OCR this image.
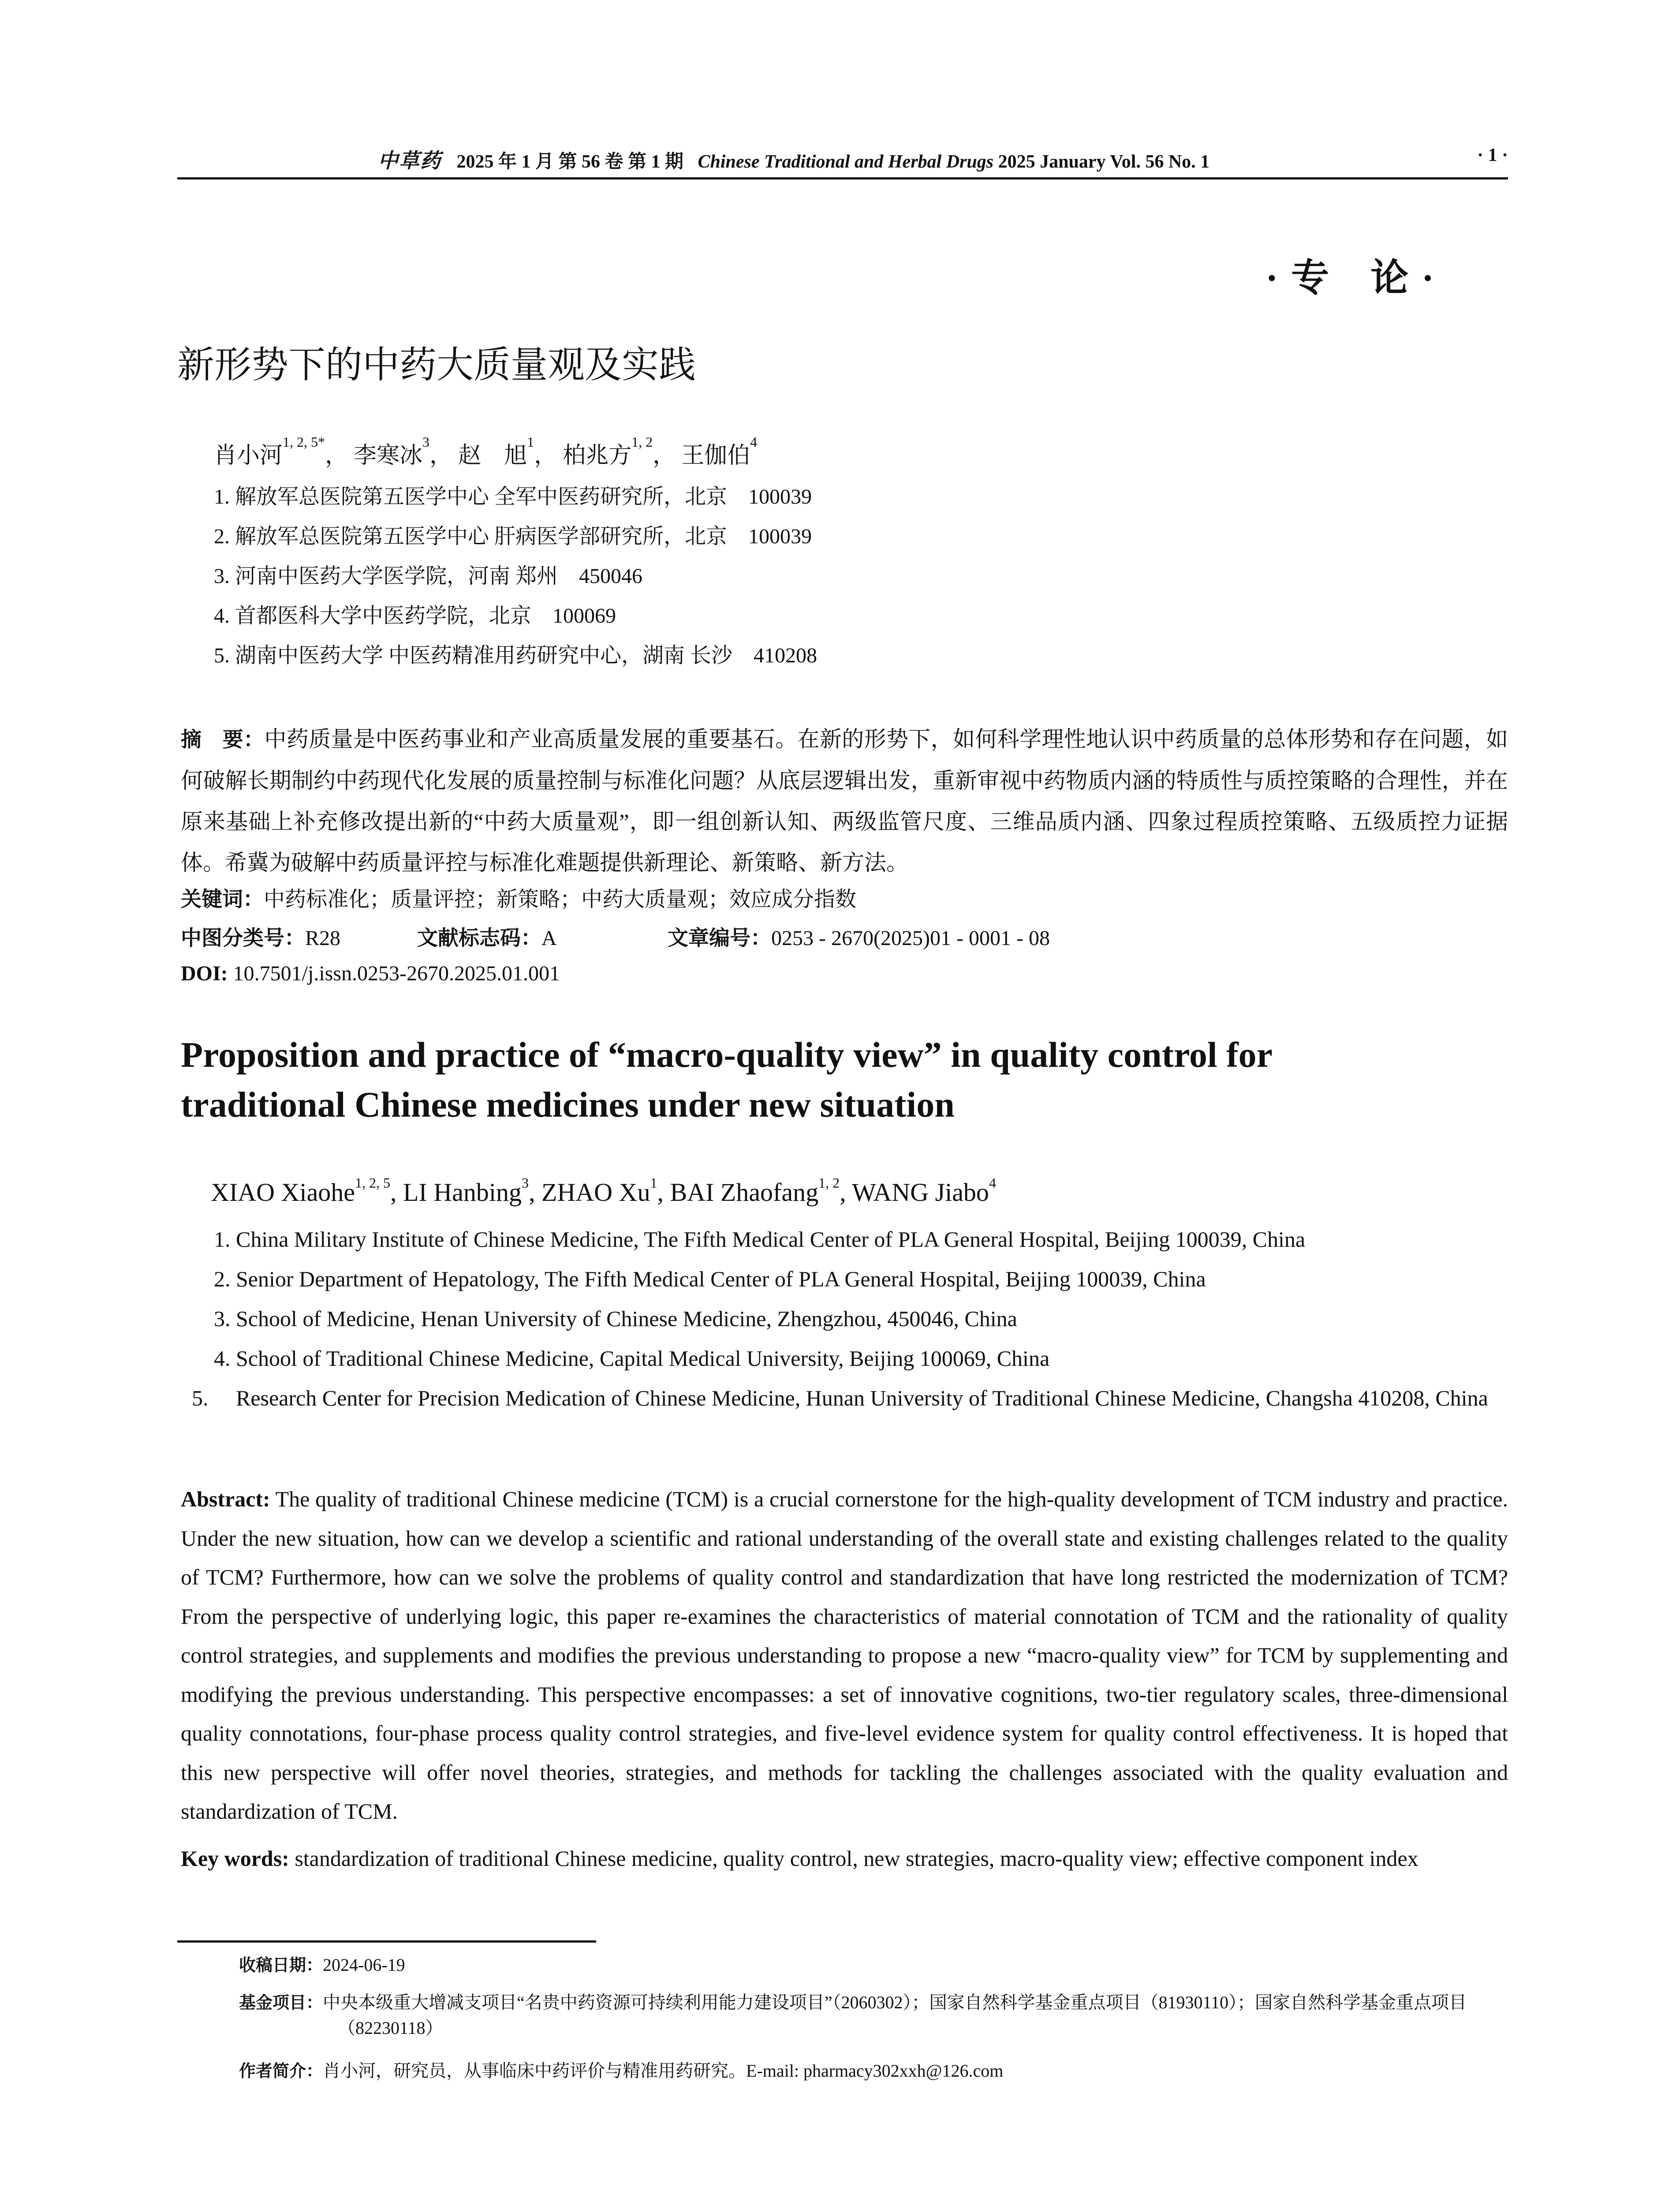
中草药 2025 年 1 月 第 56 卷 第 1 期 Chinese Traditional and Herbal Drugs 2025 January Vol. 56 No. 1	· 1 ·
· 专　论 ·
新形势下的中药大质量观及实践
肖小河$^{1, 2, 5*}$， 李寒冰$^3$， 赵　旭$^1$， 柏兆方$^{1, 2}$， 王伽伯$^4$
1. 解放军总医院第五医学中心 全军中医药研究所，北京　100039
2. 解放军总医院第五医学中心 肝病医学部研究所，北京　100039
3. 河南中医药大学医学院，河南 郑州　450046
4. 首都医科大学中医药学院，北京　100069
5. 湖南中医药大学 中医药精准用药研究中心，湖南 长沙　410208
摘　要：中药质量是中医药事业和产业高质量发展的重要基石。在新的形势下，如何科学理性地认识中药质量的总体形势和存在问题，如何破解长期制约中药现代化发展的质量控制与标准化问题？从底层逻辑出发，重新审视中药物质内涵的特质性与质控策略的合理性，并在原来基础上补充修改提出新的“中药大质量观”，即一组创新认知、两级监管尺度、三维品质内涵、四象过程质控策略、五级质控力证据体。希冀为破解中药质量评控与标准化难题提供新理论、新策略、新方法。
关键词：中药标准化；质量评控；新策略；中药大质量观；效应成分指数
中图分类号：R28	文献标志码：A	文章编号：0253 - 2670(2025)01 - 0001 - 08
DOI: 10.7501/j.issn.0253-2670.2025.01.001
Proposition and practice of “macro-quality view” in quality control for
traditional Chinese medicines under new situation
XIAO Xiaohe$^{1, 2, 5}$, LI Hanbing$^3$, ZHAO Xu$^1$, BAI Zhaofang$^{1, 2}$, WANG Jiabo$^4$
1. China Military Institute of Chinese Medicine, The Fifth Medical Center of PLA General Hospital, Beijing 100039, China
2. Senior Department of Hepatology, The Fifth Medical Center of PLA General Hospital, Beijing 100039, China
3. School of Medicine, Henan University of Chinese Medicine, Zhengzhou, 450046, China
4. School of Traditional Chinese Medicine, Capital Medical University, Beijing 100069, China
5. Research Center for Precision Medication of Chinese Medicine, Hunan University of Traditional Chinese Medicine, Changsha 410208, China
Abstract: The quality of traditional Chinese medicine (TCM) is a crucial cornerstone for the high-quality development of TCM industry and practice. Under the new situation, how can we develop a scientific and rational understanding of the overall state and existing challenges related to the quality of TCM? Furthermore, how can we solve the problems of quality control and standardization that have long restricted the modernization of TCM? From the perspective of underlying logic, this paper re-examines the characteristics of material connotation of TCM and the rationality of quality control strategies, and supplements and modifies the previous understanding to propose a new “macro-quality view” for TCM by supplementing and modifying the previous understanding. This perspective encompasses: a set of innovative cognitions, two-tier regulatory scales, three-dimensional quality connotations, four-phase process quality control strategies, and five-level evidence system for quality control effectiveness. It is hoped that this new perspective will offer novel theories, strategies, and methods for tackling the challenges associated with the quality evaluation and standardization of TCM.
Key words: standardization of traditional Chinese medicine, quality control, new strategies, macro-quality view; effective component index
收稿日期：2024-06-19
基金项目：中央本级重大增减支项目“名贵中药资源可持续利用能力建设项目”（2060302）；国家自然科学基金重点项目（81930110）；国家自然科学基金重点项目（82230118）
作者简介：肖小河，研究员，从事临床中药评价与精准用药研究。E-mail: pharmacy302xxh@126.com
